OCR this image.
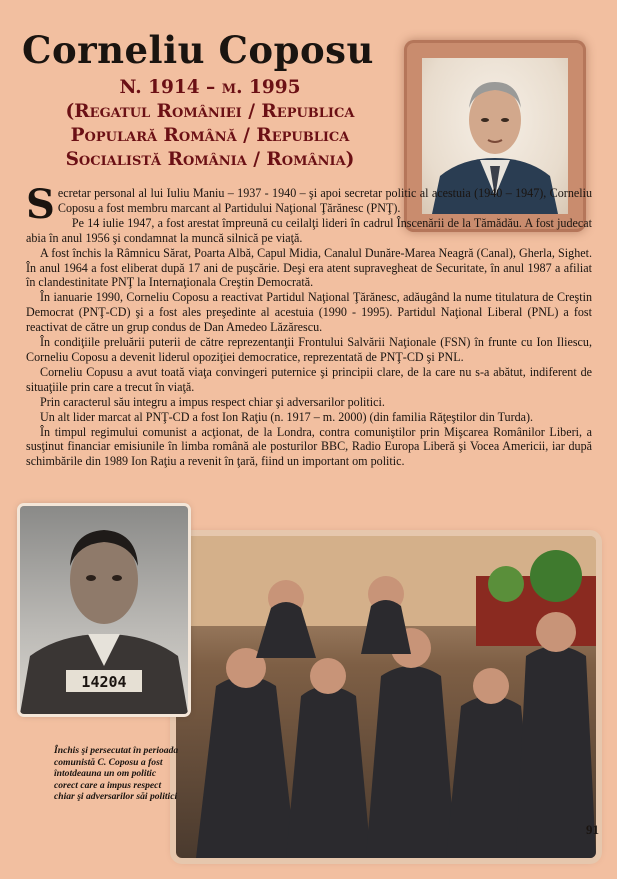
Corneliu Coposu
N. 1914 – m. 1995
(Regatul României / Republica
Populară Română / Republica
Socialistă România / România)

Secretar personal al lui Iuliu Maniu – 1937 - 1940 – şi apoi secretar politic al acestuia (1940 – 1947), Corneliu Coposu a fost membru marcant al Partidului Naţional Ţărănesc (PNŢ).

Pe 14 iulie 1947, a fost arestat împreună cu ceilalţi lideri în cadrul Înscenării de la Tămădău. A fost judecat abia în anul 1956 şi condamnat la muncă silnică pe viaţă.

A fost închis la Râmnicu Sărat, Poarta Albă, Capul Midia, Canalul Dunăre-Marea Neagră (Canal), Gherla, Sighet. În anul 1964 a fost eliberat după 17 ani de puşcărie. Deşi era atent supravegheat de Securitate, în anul 1987 a afiliat în clandestinitate PNŢ la Internaţionala Creştin Democrată.

În ianuarie 1990, Corneliu Coposu a reactivat Partidul Naţional Ţărănesc, adăugând la nume titulatura de Creştin Democrat (PNŢ-CD) şi a fost ales preşedinte al acestuia (1990 - 1995). Partidul Naţional Liberal (PNL) a fost reactivat de către un grup condus de Dan Amedeo Lăzărescu.

În condiţiile preluării puterii de către reprezentanţii Frontului Salvării Naţionale (FSN) în frunte cu Ion Iliescu, Corneliu Coposu a devenit liderul opoziţiei democratice, reprezentată de PNŢ-CD şi PNL.

Corneliu Copusu a avut toată viaţa convingeri puternice şi principii clare, de la care nu s-a abătut, indiferent de situaţiile prin care a trecut în viaţă.

Prin caracterul său integru a impus respect chiar şi adversarilor politici.

Un alt lider marcat al PNŢ-CD a fost Ion Raţiu (n. 1917 – m. 2000) (din familia Răţeştilor din Turda).

În timpul regimului comunist a acţionat, de la Londra, contra comuniştilor prin Mişcarea Românilor Liberi, a susţinut financiar emisiunile în limba română ale posturilor BBC, Radio Europa Liberă şi Vocea Americii, iar după schimbările din 1989 Ion Raţiu a revenit în ţară, fiind un important om politic.

14204
Închis şi persecutat în perioada comunistă C. Coposu a fost întotdeauna un om politic corect care a impus respect chiar şi adversarilor săi politici
91
